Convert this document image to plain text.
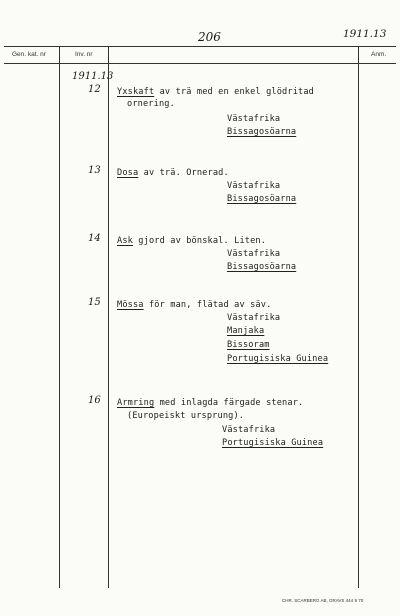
206	1911.13
Gen. kat. nr	Inv. nr	Anm.
1911.13
12 Yxskaft av trä med en enkel glödritad
ornering.
Västafrika
Bissagosöarna
13 Dosa av trä. Ornerad.
Västafrika
Bissagosöarna
14 Ask gjord av bönskal. Liten.
Västafrika
Bissagosöarna
15 Mössa för man, flätad av säv.
Västafrika
Manjaka
Bissoram
Portugisiska Guinea
16 Armring med inlagda färgade stenar.
(Europeiskt ursprung).
Västafrika
Portugisiska Guinea
CHR. SCARBERG AB, GRAVS 444 9 70
